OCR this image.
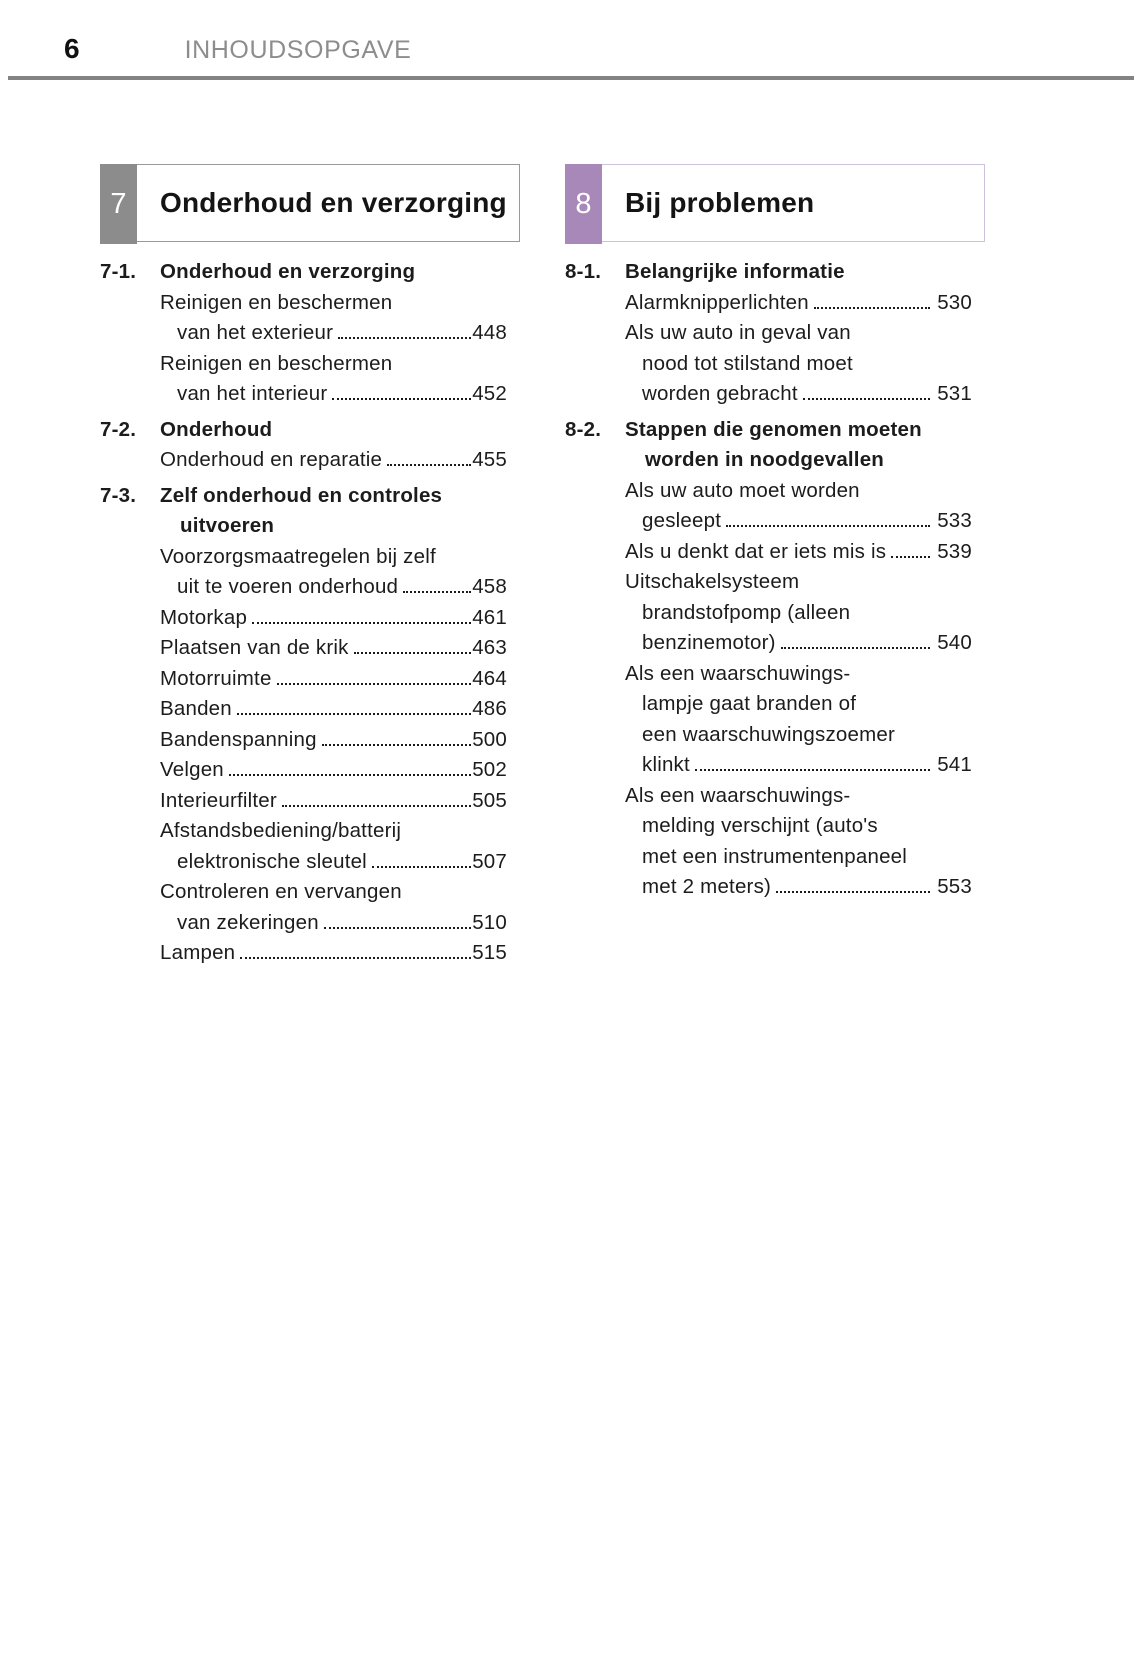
6	INHOUDSOPGAVE
7	Onderhoud en verzorging
7-1.	Onderhoud en verzorging
Reinigen en beschermen
van het exterieur	448
Reinigen en beschermen
van het interieur	452
7-2.	Onderhoud
Onderhoud en reparatie	455
7-3.	Zelf onderhoud en controles
uitvoeren
Voorzorgsmaatregelen bij zelf
uit te voeren onderhoud	458
Motorkap	461
Plaatsen van de krik	463
Motorruimte	464
Banden	486
Bandenspanning	500
Velgen	502
Interieurfilter	505
Afstandsbediening/batterij
elektronische sleutel	507
Controleren en vervangen
van zekeringen	510
Lampen	515
8	Bij problemen
8-1.	Belangrijke informatie
Alarmknipperlichten	530
Als uw auto in geval van
nood tot stilstand moet
worden gebracht	531
8-2.	Stappen die genomen moeten
worden in noodgevallen
Als uw auto moet worden
gesleept	533
Als u denkt dat er iets mis is 539
Uitschakelsysteem
brandstofpomp (alleen
benzinemotor)	540
Als een waarschuwings-
lampje gaat branden of
een waarschuwingszoemer
klinkt	541
Als een waarschuwings-
melding verschijnt (auto's
met een instrumentenpaneel
met 2 meters)	553
